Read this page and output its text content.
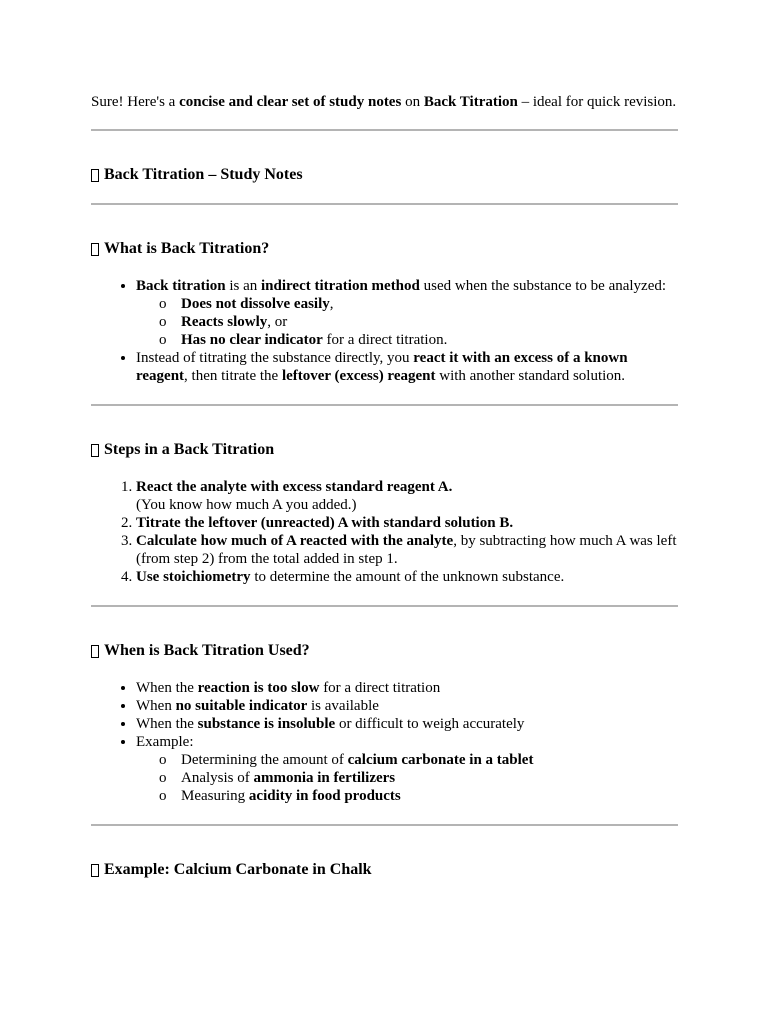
Sure! Here's a concise and clear set of study notes on Back Titration – ideal for quick revision.

Back Titration – Study Notes
What is Back Titration?
• Back titration is an indirect titration method used when the substance to be analyzed:
o Does not dissolve easily,
o Reacts slowly, or
o Has no clear indicator for a direct titration.
• Instead of titrating the substance directly, you react it with an excess of a known reagent, then titrate the leftover (excess) reagent with another standard solution.
Steps in a Back Titration
1. React the analyte with excess standard reagent A.
(You know how much A you added.)
2. Titrate the leftover (unreacted) A with standard solution B.
3. Calculate how much of A reacted with the analyte, by subtracting how much A was left (from step 2) from the total added in step 1.
4. Use stoichiometry to determine the amount of the unknown substance.
When is Back Titration Used?
• When the reaction is too slow for a direct titration
• When no suitable indicator is available
• When the substance is insoluble or difficult to weigh accurately
• Example:
o Determining the amount of calcium carbonate in a tablet
o Analysis of ammonia in fertilizers
o Measuring acidity in food products
Example: Calcium Carbonate in Chalk
